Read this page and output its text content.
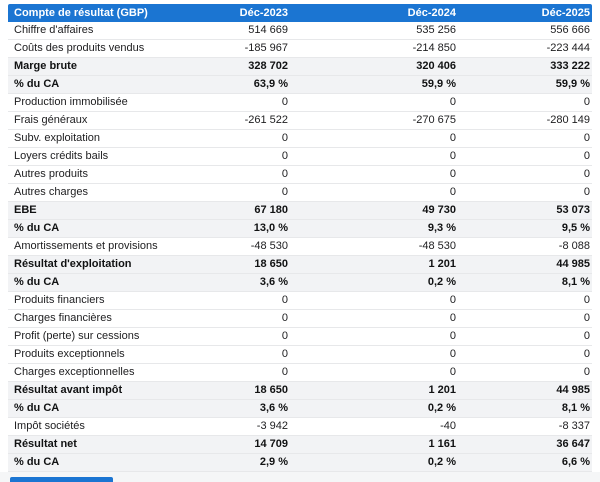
Compte de résultat (GBP)	Déc-2023	Déc-2024	Déc-2025
Chiffre d'affaires	514 669	535 256	556 666
Coûts des produits vendus	-185 967	-214 850	-223 444
Marge brute	328 702	320 406	333 222
% du CA	63,9 %	59,9 %	59,9 %
Production immobilisée	0	0	0
Frais généraux	-261 522	-270 675	-280 149
Subv. exploitation	0	0	0
Loyers crédits bails	0	0	0
Autres produits	0	0	0
Autres charges	0	0	0
EBE	67 180	49 730	53 073
% du CA	13,0 %	9,3 %	9,5 %
Amortissements et provisions	-48 530	-48 530	-8 088
Résultat d'exploitation	18 650	1 201	44 985
% du CA	3,6 %	0,2 %	8,1 %
Produits financiers	0	0	0
Charges financières	0	0	0
Profit (perte) sur cessions	0	0	0
Produits exceptionnels	0	0	0
Charges exceptionnelles	0	0	0
Résultat avant impôt	18 650	1 201	44 985
% du CA	3,6 %	0,2 %	8,1 %
Impôt sociétés	-3 942	-40	-8 337
Résultat net	14 709	1 161	36 647
% du CA	2,9 %	0,2 %	6,6 %
